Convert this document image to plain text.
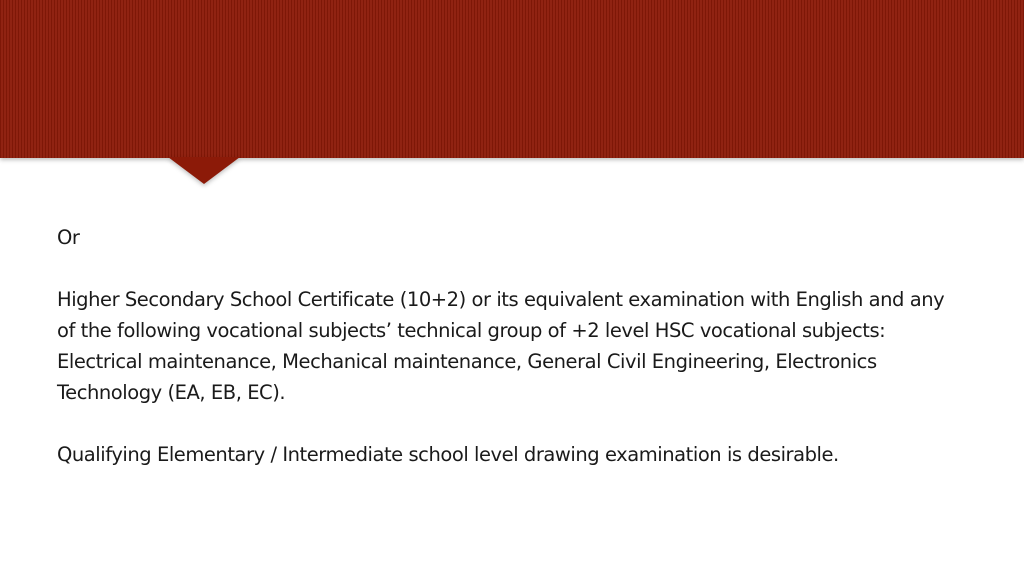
Or

Higher Secondary School Certificate (10+2) or its equivalent examination with English and any of the following vocational subjects’ technical group of +2 level HSC vocational subjects: Electrical maintenance, Mechanical maintenance, General Civil Engineering, Electronics Technology (EA, EB, EC).

Qualifying Elementary / Intermediate school level drawing examination is desirable.
